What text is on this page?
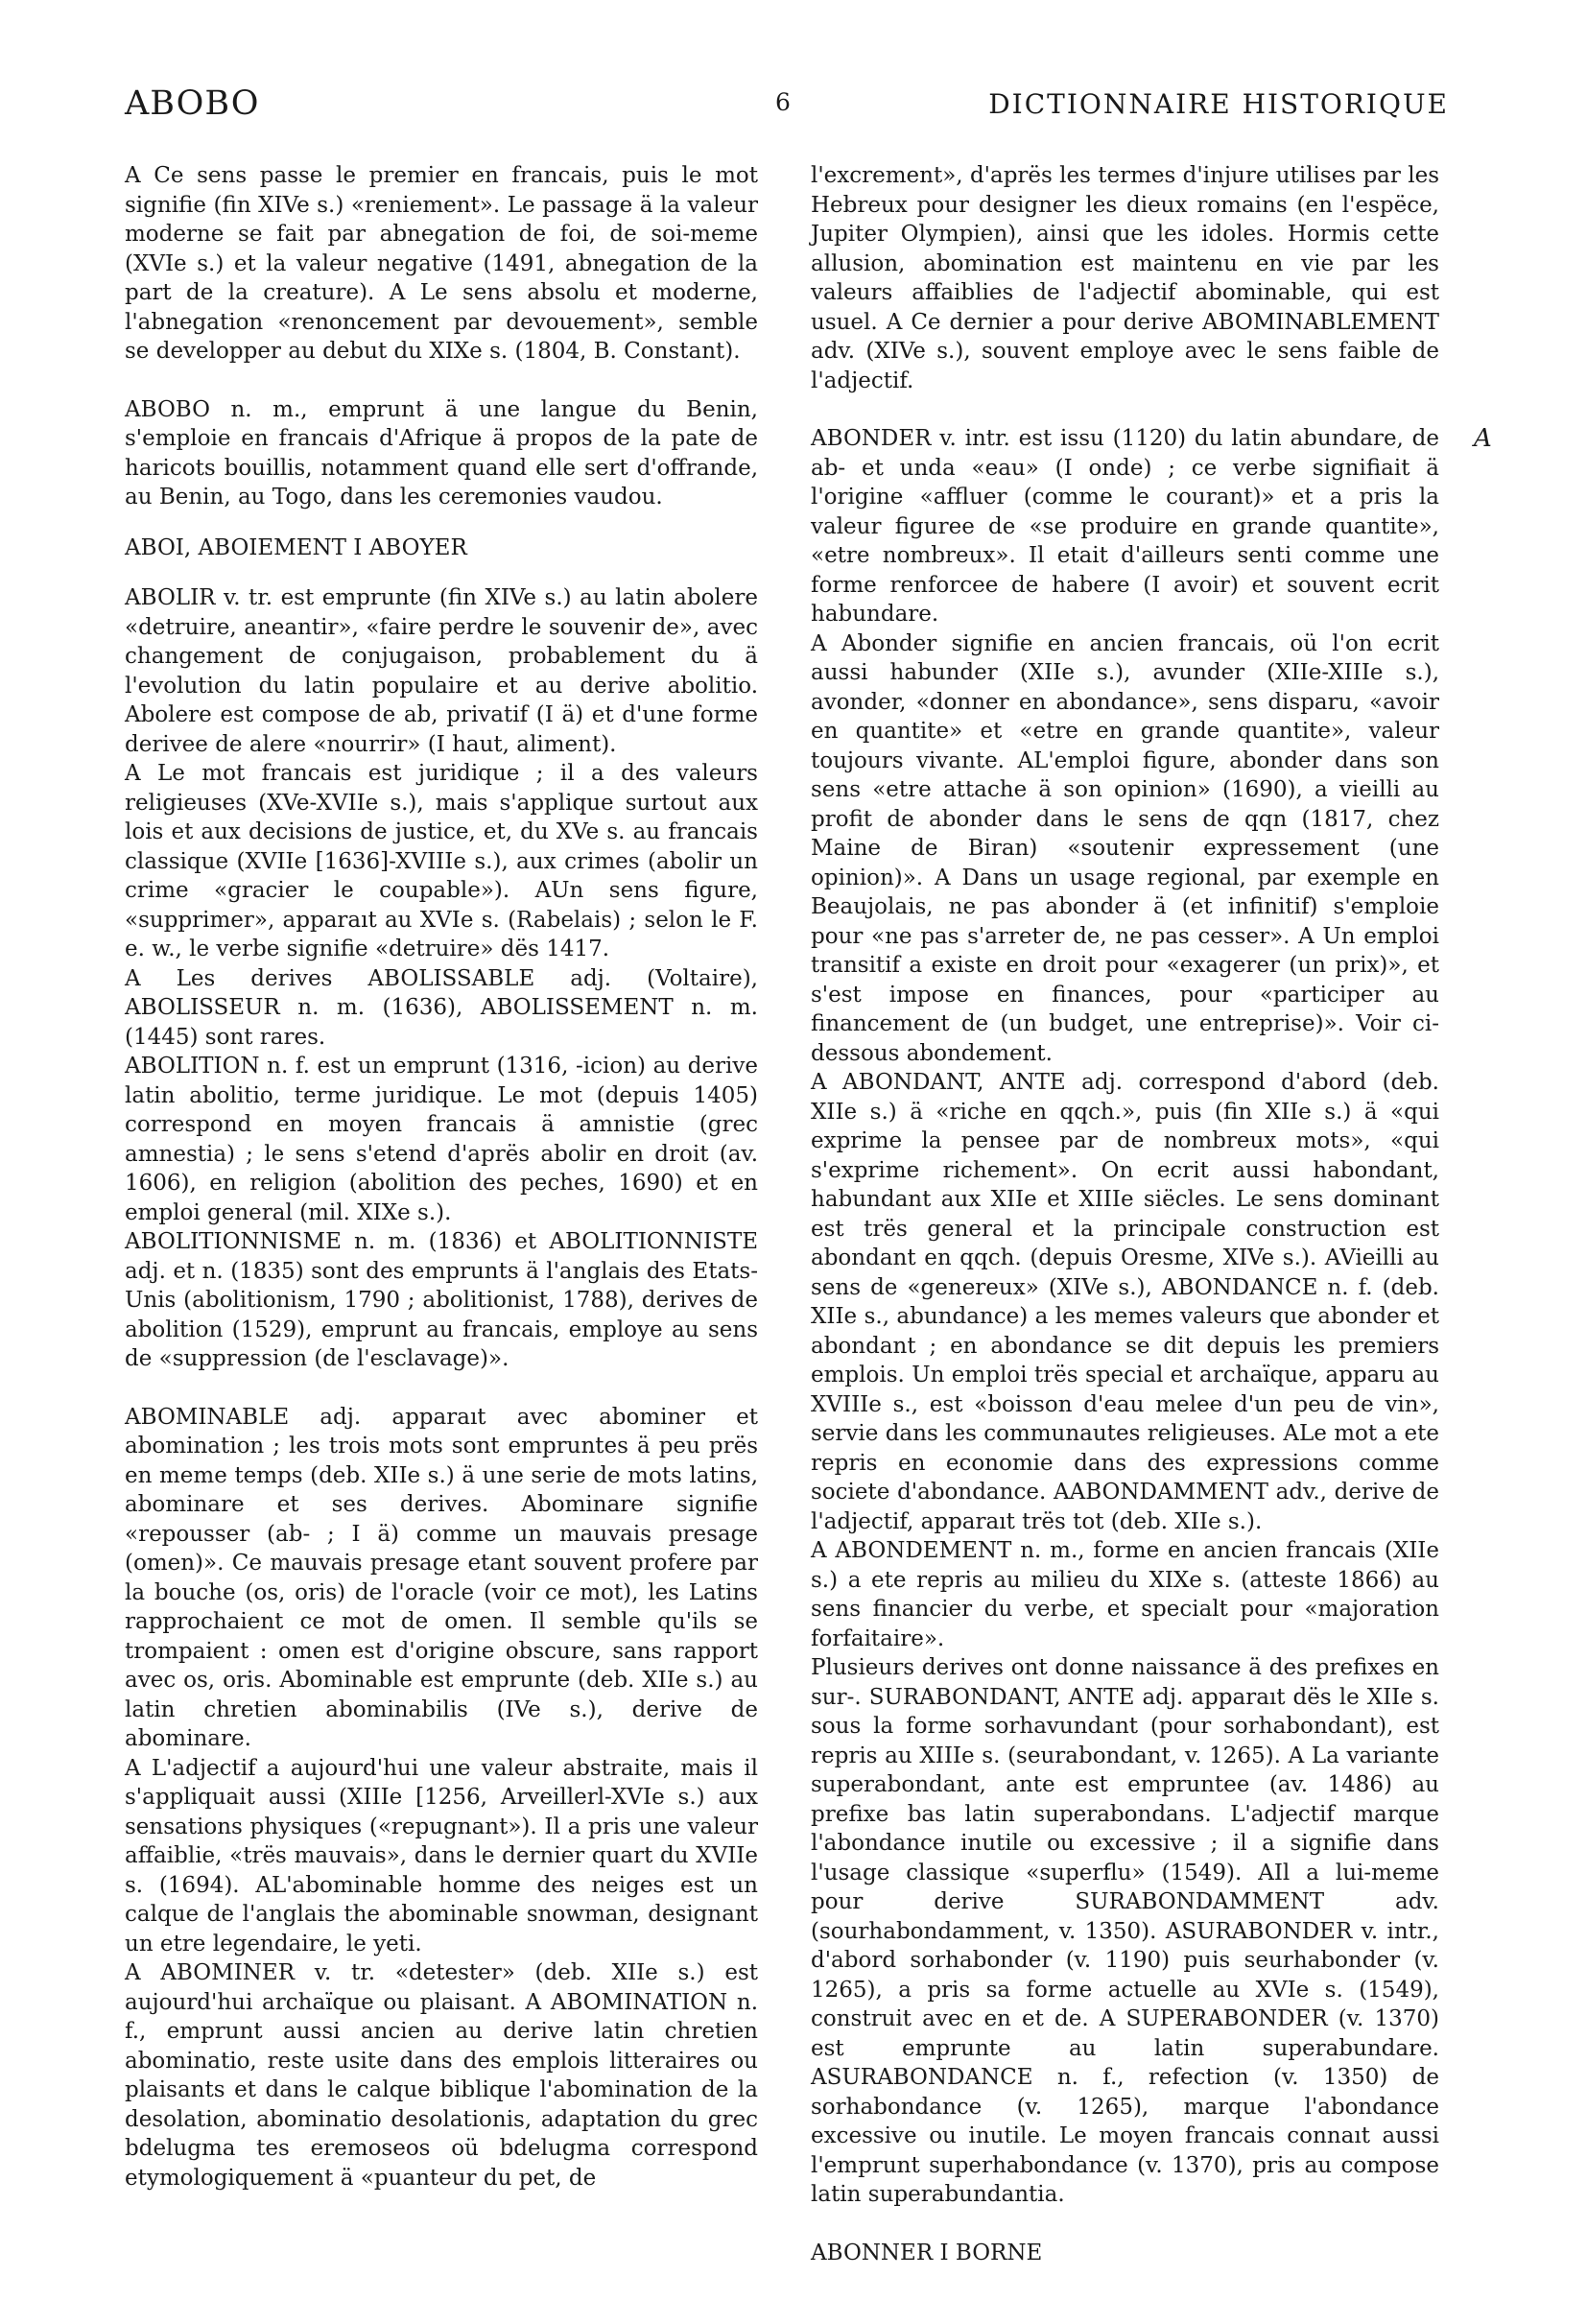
ABOBO	6	DICTIONNAIRE HISTORIQUE

A Ce sens passe le premier en francais, puis le mot signifie (fin XIVe s.) «reniement». Le passage ä la valeur moderne se fait par abnegation de foi, de soi-meme (XVIe s.) et la valeur negative (1491, abnegation de la part de la creature). A Le sens absolu et moderne, l'abnegation «renoncement par devouement», semble se developper au debut du XIXe s. (1804, B. Constant).

ABOBO n. m., emprunt ä une langue du Benin, s'emploie en francais d'Afrique ä propos de la pate de haricots bouillis, notamment quand elle sert d'offrande, au Benin, au Togo, dans les ceremonies vaudou.

ABOI, ABOIEMENT I ABOYER

ABOLIR v. tr. est emprunte (fin XIVe s.) au latin abolere «detruire, aneantir», «faire perdre le souvenir de», avec changement de conjugaison, probablement du ä l'evolution du latin populaire et au derive abolitio. Abolere est compose de ab, privatif (I ä) et d'une forme derivee de alere «nourrir» (I haut, aliment).

A Le mot francais est juridique ; il a des valeurs religieuses (XVe-XVIIe s.), mais s'applique surtout aux lois et aux decisions de justice, et, du XVe s. au francais classique (XVIIe [1636]-XVIIIe s.), aux crimes (abolir un crime «gracier le coupable»). AUn sens figure, «supprimer», apparaıt au XVIe s. (Rabelais) ; selon le F. e. w., le verbe signifie «detruire» dës 1417.

A Les derives ABOLISSABLE adj. (Voltaire), ABOLISSEUR n. m. (1636), ABOLISSEMENT n. m. (1445) sont rares.

ABOLITION n. f. est un emprunt (1316, -icion) au derive latin abolitio, terme juridique. Le mot (depuis 1405) correspond en moyen francais ä amnistie (grec amnestia) ; le sens s'etend d'aprës abolir en droit (av. 1606), en religion (abolition des peches, 1690) et en emploi general (mil. XIXe s.).

ABOLITIONNISME n. m. (1836) et ABOLITIONNISTE adj. et n. (1835) sont des emprunts ä l'anglais des Etats-Unis (abolitionism, 1790 ; abolitionist, 1788), derives de abolition (1529), emprunt au francais, employe au sens de «suppression (de l'esclavage)».

ABOMINABLE adj. apparaıt avec abominer et abomination ; les trois mots sont empruntes ä peu prës en meme temps (deb. XIIe s.) ä une serie de mots latins, abominare et ses derives. Abominare signifie «repousser (ab- ; I ä) comme un mauvais presage (omen)». Ce mauvais presage etant souvent profere par la bouche (os, oris) de l'oracle (voir ce mot), les Latins rapprochaient ce mot de omen. Il semble qu'ils se trompaient : omen est d'origine obscure, sans rapport avec os, oris. Abominable est emprunte (deb. XIIe s.) au latin chretien abominabilis (IVe s.), derive de abominare.

A L'adjectif a aujourd'hui une valeur abstraite, mais il s'appliquait aussi (XIIIe [1256, Arveillerl-XVIe s.) aux sensations physiques («repugnant»). Il a pris une valeur affaiblie, «trës mauvais», dans le dernier quart du XVIIe s. (1694). AL'abominable homme des neiges est un calque de l'anglais the abominable snowman, designant un etre legendaire, le yeti.

A ABOMINER v. tr. «detester» (deb. XIIe s.) est aujourd'hui archaïque ou plaisant. A ABOMINATION n. f., emprunt aussi ancien au derive latin chretien abominatio, reste usite dans des emplois litteraires ou plaisants et dans le calque biblique l'abomination de la desolation, abominatio desolationis, adaptation du grec bdelugma tes eremoseos oü bdelugma correspond etymologiquement ä «puanteur du pet, de

l'excrement», d'aprës les termes d'injure utilises par les Hebreux pour designer les dieux romains (en l'espëce, Jupiter Olympien), ainsi que les idoles. Hormis cette allusion, abomination est maintenu en vie par les valeurs affaiblies de l'adjectif abominable, qui est usuel. A Ce dernier a pour derive ABOMINABLEMENT adv. (XIVe s.), souvent employe avec le sens faible de l'adjectif.

ABONDER v. intr. est issu (1120) du latin abundare, de ab- et unda «eau» (I onde) ; ce verbe signifiait ä l'origine «affluer (comme le courant)» et a pris la valeur figuree de «se produire en grande quantite», «etre nombreux». Il etait d'ailleurs senti comme une forme renforcee de habere (I avoir) et souvent ecrit habundare.

A Abonder signifie en ancien francais, oü l'on ecrit aussi habunder (XIIe s.), avunder (XIIe-XIIIe s.), avonder, «donner en abondance», sens disparu, «avoir en quantite» et «etre en grande quantite», valeur toujours vivante. AL'emploi figure, abonder dans son sens «etre attache ä son opinion» (1690), a vieilli au profit de abonder dans le sens de qqn (1817, chez Maine de Biran) «soutenir expressement (une opinion)». A Dans un usage regional, par exemple en Beaujolais, ne pas abonder ä (et infinitif) s'emploie pour «ne pas s'arreter de, ne pas cesser». A Un emploi transitif a existe en droit pour «exagerer (un prix)», et s'est impose en finances, pour «participer au financement de (un budget, une entreprise)». Voir ci-dessous abondement.

A ABONDANT, ANTE adj. correspond d'abord (deb. XIIe s.) ä «riche en qqch.», puis (fin XIIe s.) ä «qui exprime la pensee par de nombreux mots», «qui s'exprime richement». On ecrit aussi habondant, habundant aux XIIe et XIIIe siëcles. Le sens dominant est trës general et la principale construction est abondant en qqch. (depuis Oresme, XIVe s.). AVieilli au sens de «genereux» (XIVe s.), ABONDANCE n. f. (deb. XIIe s., abundance) a les memes valeurs que abonder et abondant ; en abondance se dit depuis les premiers emplois. Un emploi trës special et archaïque, apparu au XVIIIe s., est «boisson d'eau melee d'un peu de vin», servie dans les communautes religieuses. ALe mot a ete repris en economie dans des expressions comme societe d'abondance. AABONDAMMENT adv., derive de l'adjectif, apparaıt trës tot (deb. XIIe s.).

A ABONDEMENT n. m., forme en ancien francais (XIIe s.) a ete repris au milieu du XIXe s. (atteste 1866) au sens financier du verbe, et specialt pour «majoration forfaitaire».

Plusieurs derives ont donne naissance ä des prefixes en sur-. SURABONDANT, ANTE adj. apparaıt dës le XIIe s. sous la forme sorhavundant (pour sorhabondant), est repris au XIIIe s. (seurabondant, v. 1265). A La variante superabondant, ante est empruntee (av. 1486) au prefixe bas latin superabondans. L'adjectif marque l'abondance inutile ou excessive ; il a signifie dans l'usage classique «superflu» (1549). AIl a lui-meme pour derive SURABONDAMMENT adv. (sourhabondamment, v. 1350). ASURABONDER v. intr., d'abord sorhabonder (v. 1190) puis seurhabonder (v. 1265), a pris sa forme actuelle au XVIe s. (1549), construit avec en et de. A SUPERABONDER (v. 1370) est emprunte au latin superabundare. ASURABONDANCE n. f., refection (v. 1350) de sorhabondance (v. 1265), marque l'abondance excessive ou inutile. Le moyen francais connaıt aussi l'emprunt superhabondance (v. 1370), pris au compose latin superabundantia.

ABONNER I BORNE

A
